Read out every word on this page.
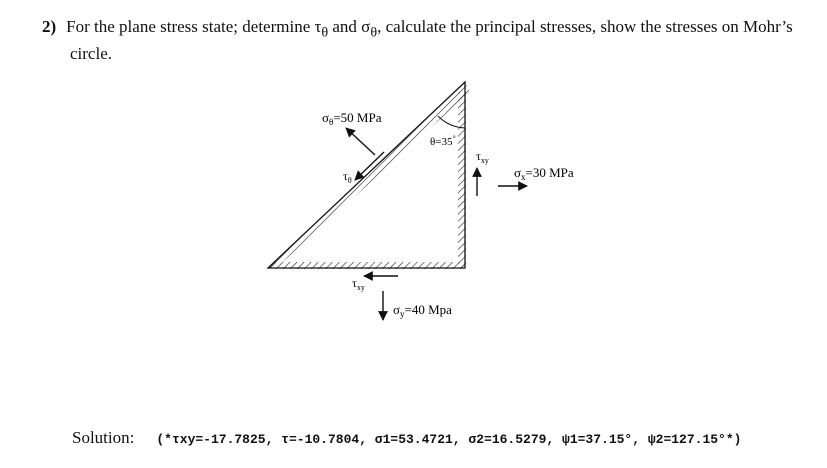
2) For the plane stress state; determine $\tau_\theta$ and $\sigma_\theta$, calculate the principal stresses, show the stresses on Mohr’s
circle.
θ=35°
$\sigma_\theta=50$ MPa
$\tau_\theta$
$\tau_{xy}$
$\sigma_x=30$ MPa
$\tau_{xy}$
$\sigma_y=40$ Mpa
Solution: (*τxy=-17.7825, τ=-10.7804, σ1=53.4721, σ2=16.5279, ψ1=37.15°, ψ2=127.15°*)
